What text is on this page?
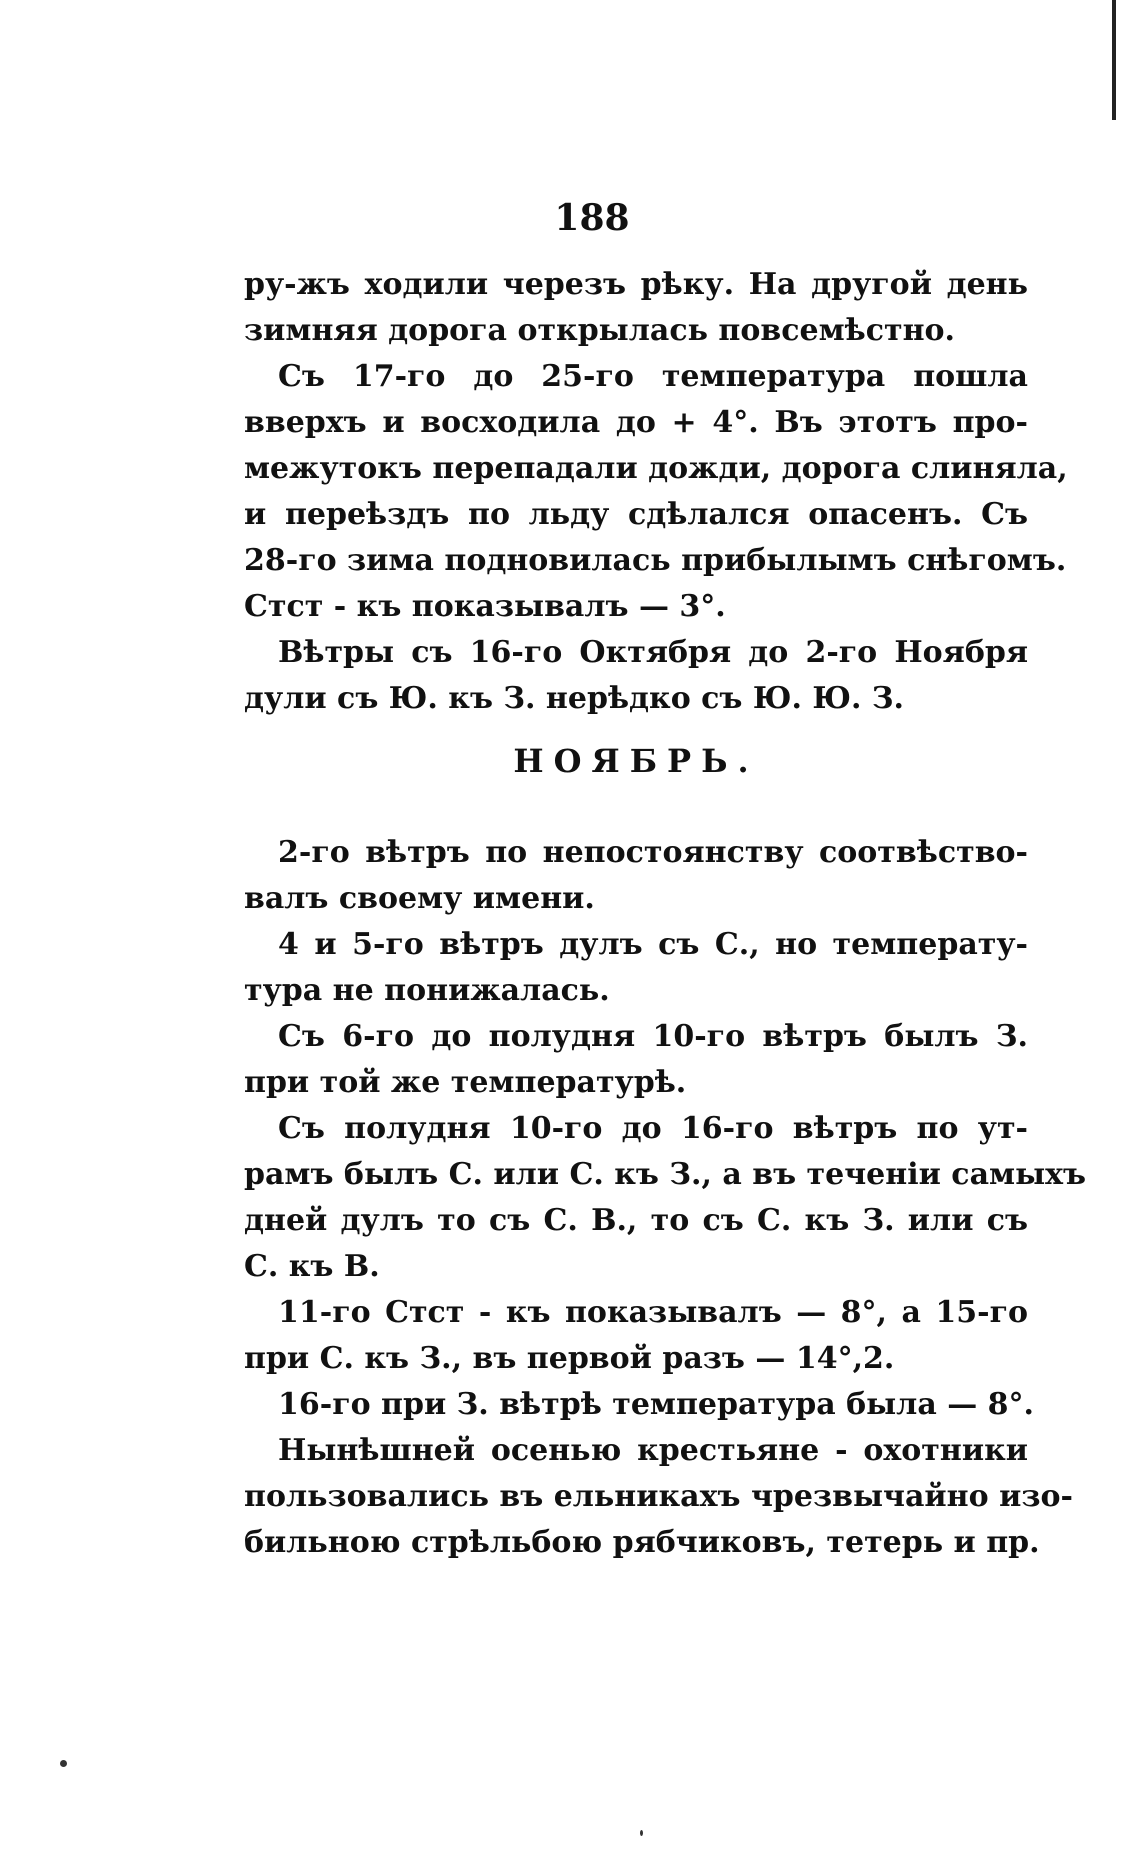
188
ру-жъ ходили черезъ рѣку. На другой день
зимняя дорога открылась повсемѣстно.
Съ 17-го до 25-го температура пошла
вверхъ и восходила до + 4°. Въ этотъ про-
межутокъ перепадали дожди, дорога слиняла,
и переѣздъ по льду сдѣлался опасенъ. Съ
28-го зима подновилась прибылымъ снѣгомъ.
Стст - къ показывалъ — 3°.
Вѣтры съ 16-го Октября до 2-го Ноября
дули съ Ю. къ З. нерѣдко съ Ю. Ю. З.
НОЯБРЬ.
2-го вѣтръ по непостоянству соотвѣство-
валъ своему имени.
4 и 5-го вѣтръ дулъ съ С., но температу-
тура не понижалась.
Съ 6-го до полудня 10-го вѣтръ былъ З.
при той же температурѣ.
Съ полудня 10-го до 16-го вѣтръ по ут-
рамъ былъ С. или С. къ З., а въ теченіи самыхъ
дней дулъ то съ С. В., то съ С. къ З. или съ
С. къ В.
11-го Стст - къ показывалъ — 8°, а 15-го
при С. къ З., въ первой разъ — 14°,2.
16-го при З. вѣтрѣ температура была — 8°.
Нынѣшней осенью крестьяне - охотники
пользовались въ ельникахъ чрезвычайно изо-
бильною стрѣльбою рябчиковъ, тетерь и пр.
